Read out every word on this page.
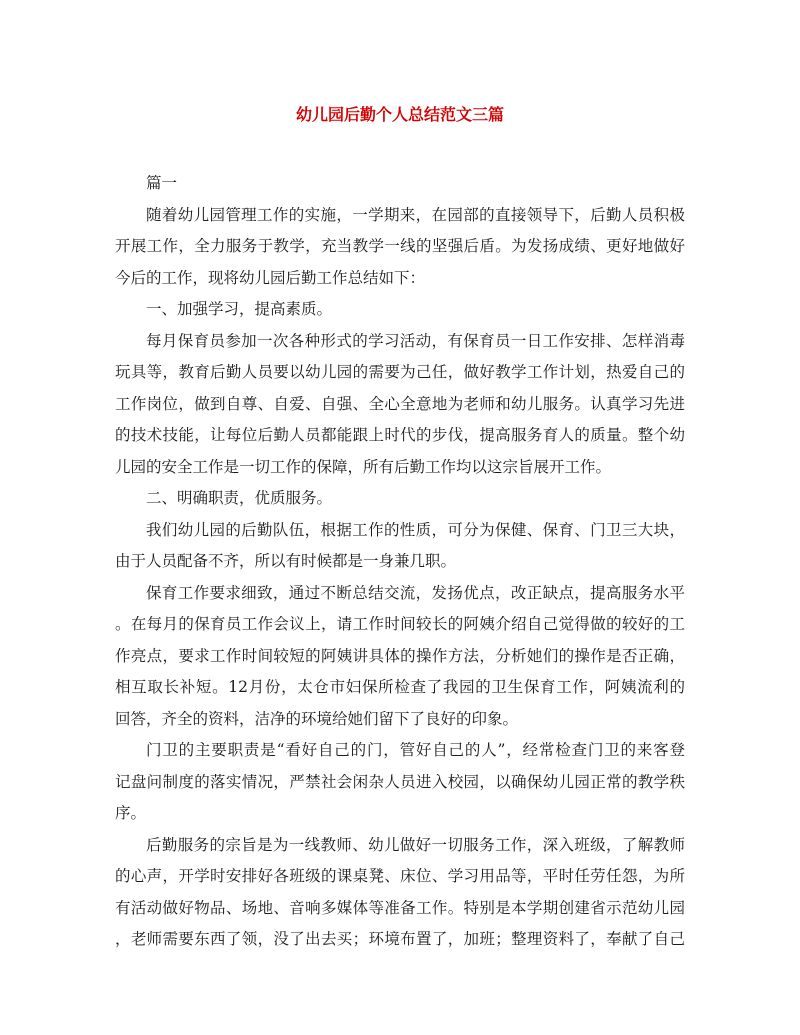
幼儿园后勤个人总结范文三篇
篇一
随着幼儿园管理工作的实施，一学期来，在园部的直接领导下，后勤人员积极
开展工作，全力服务于教学，充当教学一线的坚强后盾。为发扬成绩、更好地做好
今后的工作，现将幼儿园后勤工作总结如下：
一、加强学习，提高素质。
每月保育员参加一次各种形式的学习活动，有保育员一日工作安排、怎样消毒
玩具等，教育后勤人员要以幼儿园的需要为己任，做好教学工作计划，热爱自己的
工作岗位，做到自尊、自爱、自强、全心全意地为老师和幼儿服务。认真学习先进
的技术技能，让每位后勤人员都能跟上时代的步伐，提高服务育人的质量。整个幼
儿园的安全工作是一切工作的保障，所有后勤工作均以这宗旨展开工作。
二、明确职责，优质服务。
我们幼儿园的后勤队伍，根据工作的性质，可分为保健、保育、门卫三大块，
由于人员配备不齐，所以有时候都是一身兼几职。
保育工作要求细致，通过不断总结交流，发扬优点，改正缺点，提高服务水平
。在每月的保育员工作会议上，请工作时间较长的阿姨介绍自己觉得做的较好的工
作亮点，要求工作时间较短的阿姨讲具体的操作方法，分析她们的操作是否正确，
相互取长补短。12月份，太仓市妇保所检查了我园的卫生保育工作，阿姨流利的
回答，齐全的资料，洁净的环境给她们留下了良好的印象。
门卫的主要职责是“看好自己的门，管好自己的人”，经常检查门卫的来客登
记盘问制度的落实情况，严禁社会闲杂人员进入校园，以确保幼儿园正常的教学秩
序。
后勤服务的宗旨是为一线教师、幼儿做好一切服务工作，深入班级，了解教师
的心声，开学时安排好各班级的课桌凳、床位、学习用品等，平时任劳任怨，为所
有活动做好物品、场地、音响多媒体等准备工作。特别是本学期创建省示范幼儿园
，老师需要东西了领，没了出去买；环境布置了，加班；整理资料了，奉献了自己
